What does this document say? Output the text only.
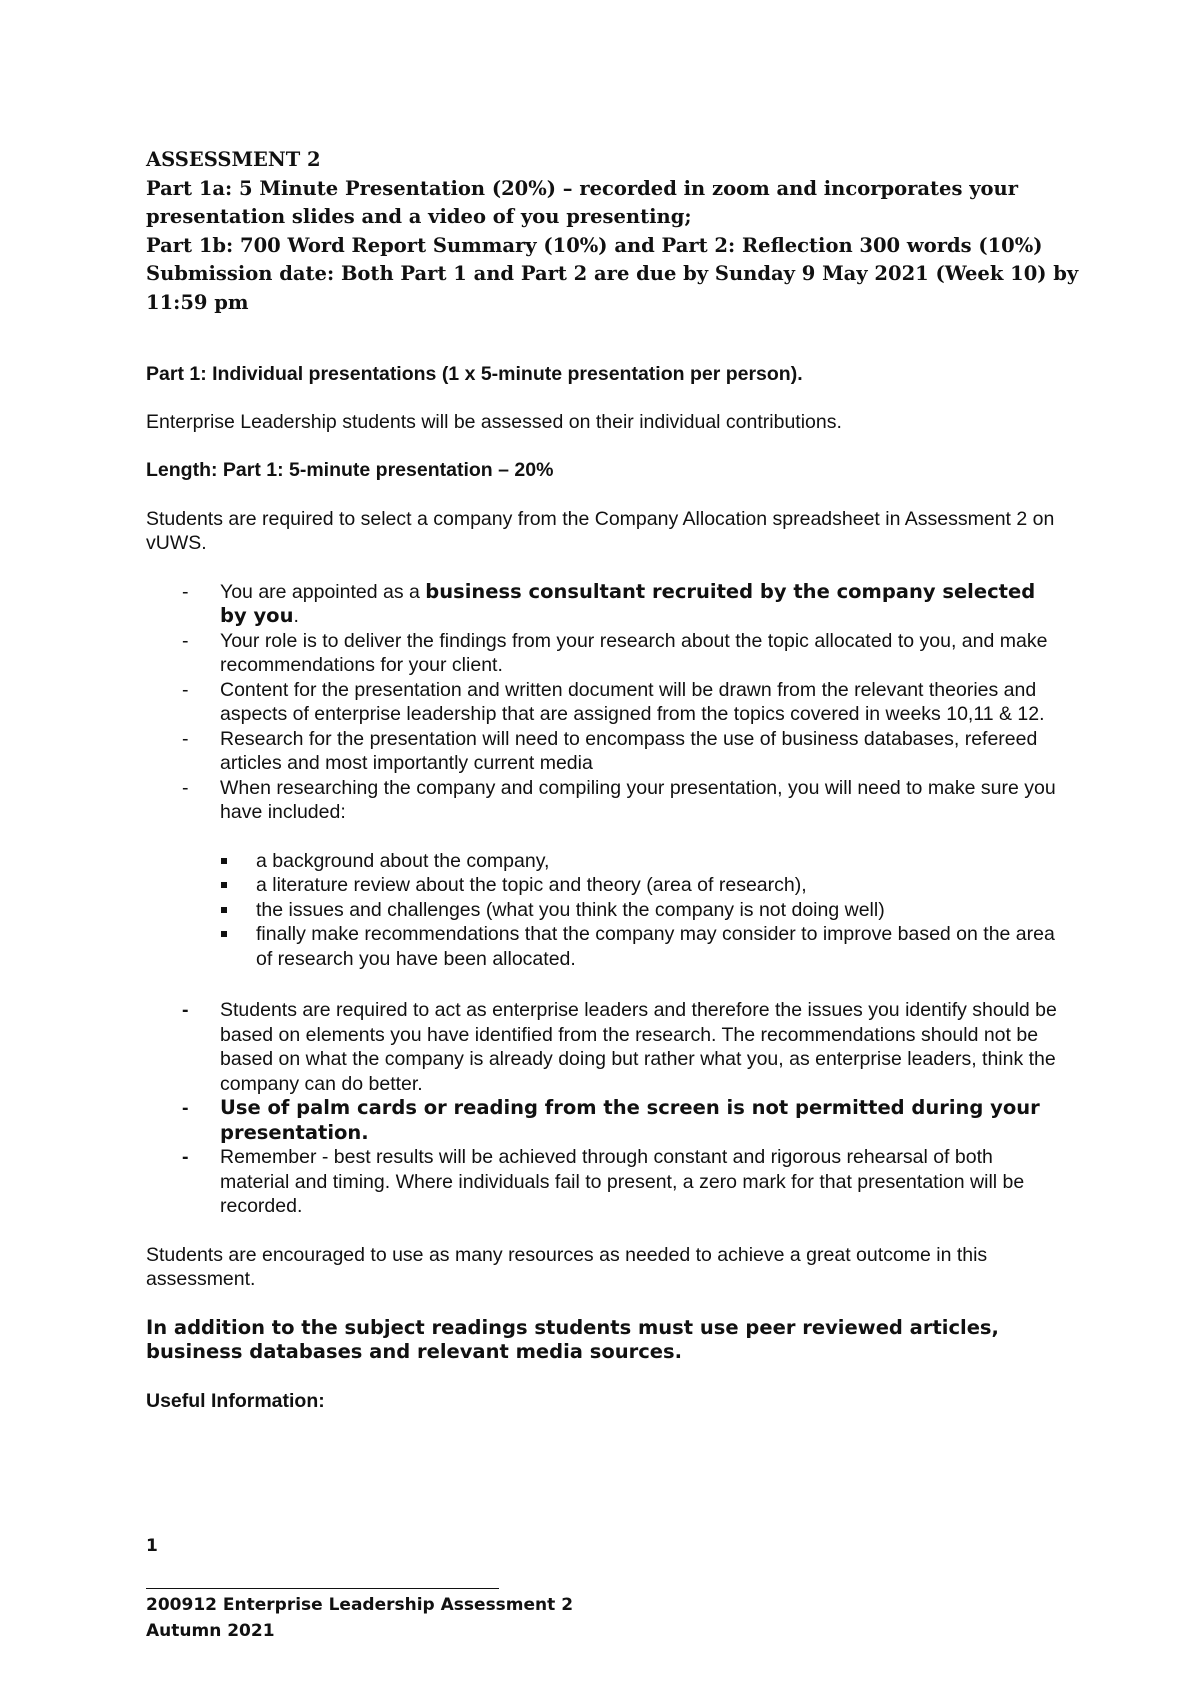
ASSESSMENT 2
Part 1a: 5 Minute Presentation (20%) – recorded in zoom and incorporates your
presentation slides and a video of you presenting;
Part 1b: 700 Word Report Summary (10%) and Part 2: Reflection 300 words (10%)
Submission date: Both Part 1 and Part 2 are due by Sunday 9 May 2021 (Week 10) by
11:59 pm

Part 1: Individual presentations (1 x 5-minute presentation per person).

Enterprise Leadership students will be assessed on their individual contributions.

Length: Part 1: 5-minute presentation – 20%

Students are required to select a company from the Company Allocation spreadsheet in Assessment 2 on vUWS.

- You are appointed as a business consultant recruited by the company selected by you.
- Your role is to deliver the findings from your research about the topic allocated to you, and make recommendations for your client.
- Content for the presentation and written document will be drawn from the relevant theories and aspects of enterprise leadership that are assigned from the topics covered in weeks 10,11 & 12.
- Research for the presentation will need to encompass the use of business databases, refereed articles and most importantly current media
- When researching the company and compiling your presentation, you will need to make sure you have included:
a background about the company,
a literature review about the topic and theory (area of research),
the issues and challenges (what you think the company is not doing well)
finally make recommendations that the company may consider to improve based on the area of research you have been allocated.
- Students are required to act as enterprise leaders and therefore the issues you identify should be based on elements you have identified from the research. The recommendations should not be based on what the company is already doing but rather what you, as enterprise leaders, think the company can do better.
- Use of palm cards or reading from the screen is not permitted during your presentation.
- Remember - best results will be achieved through constant and rigorous rehearsal of both material and timing. Where individuals fail to present, a zero mark for that presentation will be recorded.

Students are encouraged to use as many resources as needed to achieve a great outcome in this assessment.

In addition to the subject readings students must use peer reviewed articles, business databases and relevant media sources.

Useful Information:

1
200912 Enterprise Leadership Assessment 2
Autumn 2021
